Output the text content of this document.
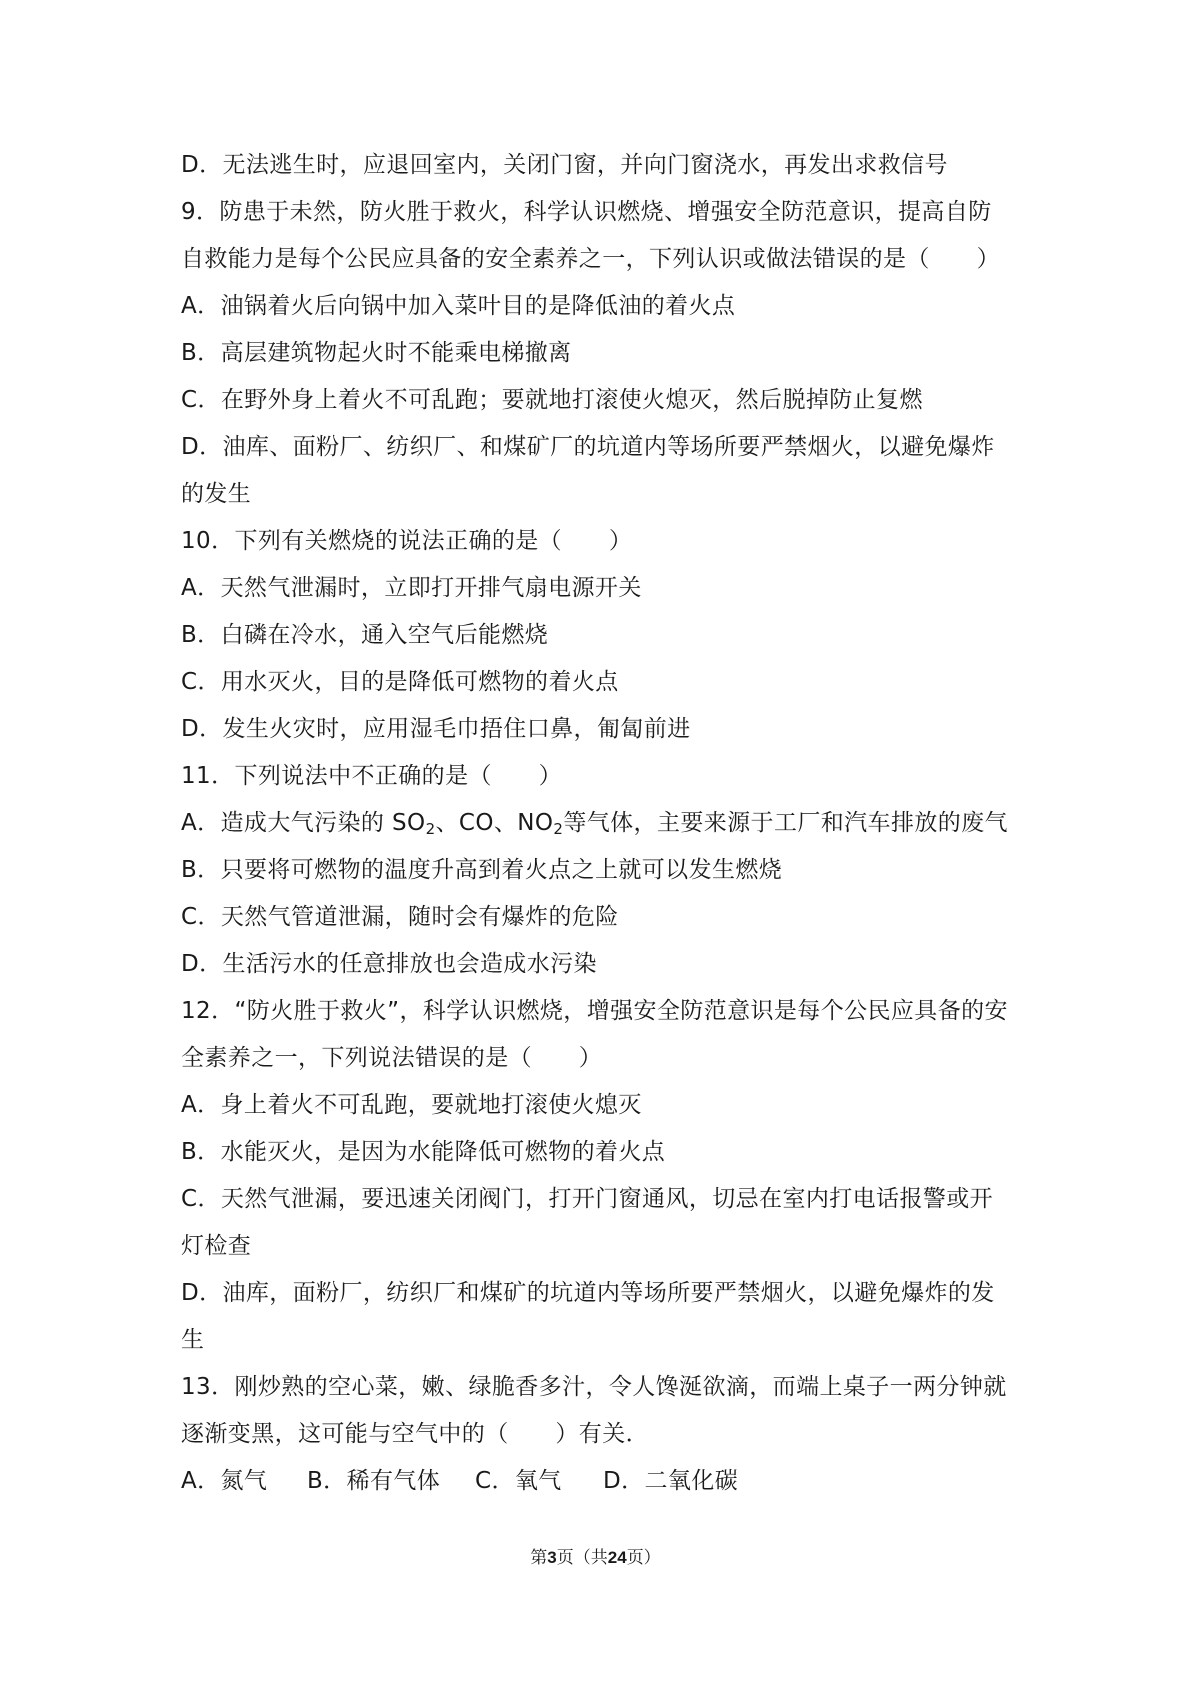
D．无法逃生时，应退回室内，关闭门窗，并向门窗浇水，再发出求救信号
9．防患于未然，防火胜于救火，科学认识燃烧、增强安全防范意识，提高自防
自救能力是每个公民应具备的安全素养之一，下列认识或做法错误的是（　　）
A．油锅着火后向锅中加入菜叶目的是降低油的着火点
B．高层建筑物起火时不能乘电梯撤离
C．在野外身上着火不可乱跑；要就地打滚使火熄灭，然后脱掉防止复燃
D．油库、面粉厂、纺织厂、和煤矿厂的坑道内等场所要严禁烟火，以避免爆炸
的发生
10．下列有关燃烧的说法正确的是（　　）
A．天然气泄漏时，立即打开排气扇电源开关
B．白磷在冷水，通入空气后能燃烧
C．用水灭火，目的是降低可燃物的着火点
D．发生火灾时，应用湿毛巾捂住口鼻，匍匐前进
11．下列说法中不正确的是（　　）
A．造成大气污染的 $SO_2$、CO、$NO_2$等气体，主要来源于工厂和汽车排放的废气
B．只要将可燃物的温度升高到着火点之上就可以发生燃烧
C．天然气管道泄漏，随时会有爆炸的危险
D．生活污水的任意排放也会造成水污染
12．“防火胜于救火”，科学认识燃烧，增强安全防范意识是每个公民应具备的安
全素养之一，下列说法错误的是（　　）
A．身上着火不可乱跑，要就地打滚使火熄灭
B．水能灭火，是因为水能降低可燃物的着火点
C．天然气泄漏，要迅速关闭阀门，打开门窗通风，切忌在室内打电话报警或开
灯检查
D．油库，面粉厂，纺织厂和煤矿的坑道内等场所要严禁烟火，以避免爆炸的发
生
13．刚炒熟的空心菜，嫩、绿脆香多汁，令人馋涎欲滴，而端上桌子一两分钟就
逐渐变黑，这可能与空气中的（　　）有关．
A．氮气 B．稀有气体 C．氧气 D．二氧化碳
第3页（共24页）
